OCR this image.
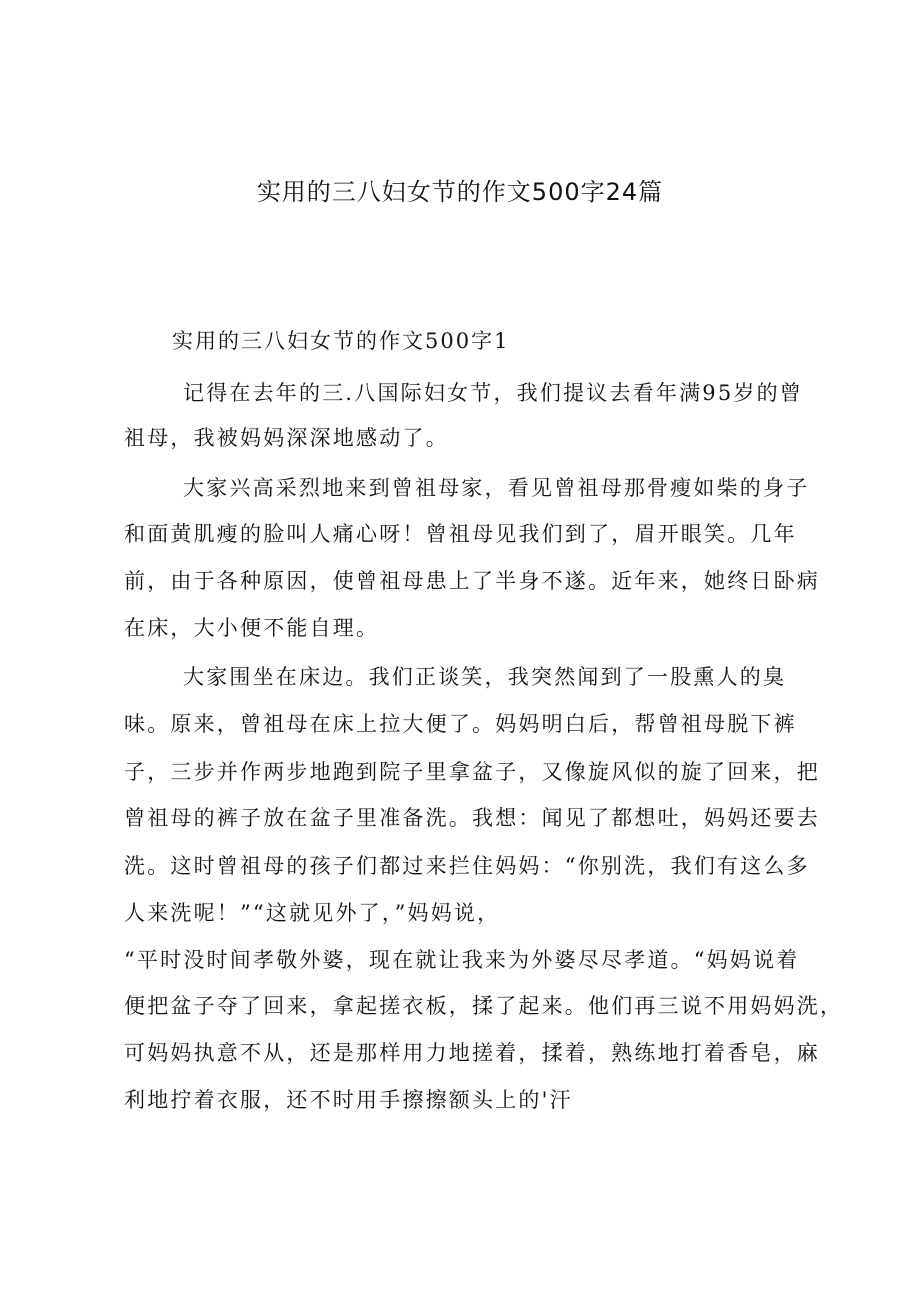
实用的三八妇女节的作文500字24篇
实用的三八妇女节的作文500字1

记得在去年的三.八国际妇女节，我们提议去看年满95岁的曾

祖母，我被妈妈深深地感动了。

大家兴高采烈地来到曾祖母家，看见曾祖母那骨瘦如柴的身子

和面黄肌瘦的脸叫人痛心呀！曾祖母见我们到了，眉开眼笑。几年

前，由于各种原因，使曾祖母患上了半身不遂。近年来，她终日卧病

在床，大小便不能自理。

大家围坐在床边。我们正谈笑，我突然闻到了一股熏人的臭

味。原来，曾祖母在床上拉大便了。妈妈明白后，帮曾祖母脱下裤

子，三步并作两步地跑到院子里拿盆子，又像旋风似的旋了回来，把

曾祖母的裤子放在盆子里准备洗。我想：闻见了都想吐，妈妈还要去

洗。这时曾祖母的孩子们都过来拦住妈妈：“你别洗，我们有这么多

人来洗呢！”“这就见外了，”妈妈说，

“平时没时间孝敬外婆，现在就让我来为外婆尽尽孝道。“妈妈说着

便把盆子夺了回来，拿起搓衣板，揉了起来。他们再三说不用妈妈洗，

可妈妈执意不从，还是那样用力地搓着，揉着，熟练地打着香皂，麻

利地拧着衣服，还不时用手擦擦额头上的'汗
